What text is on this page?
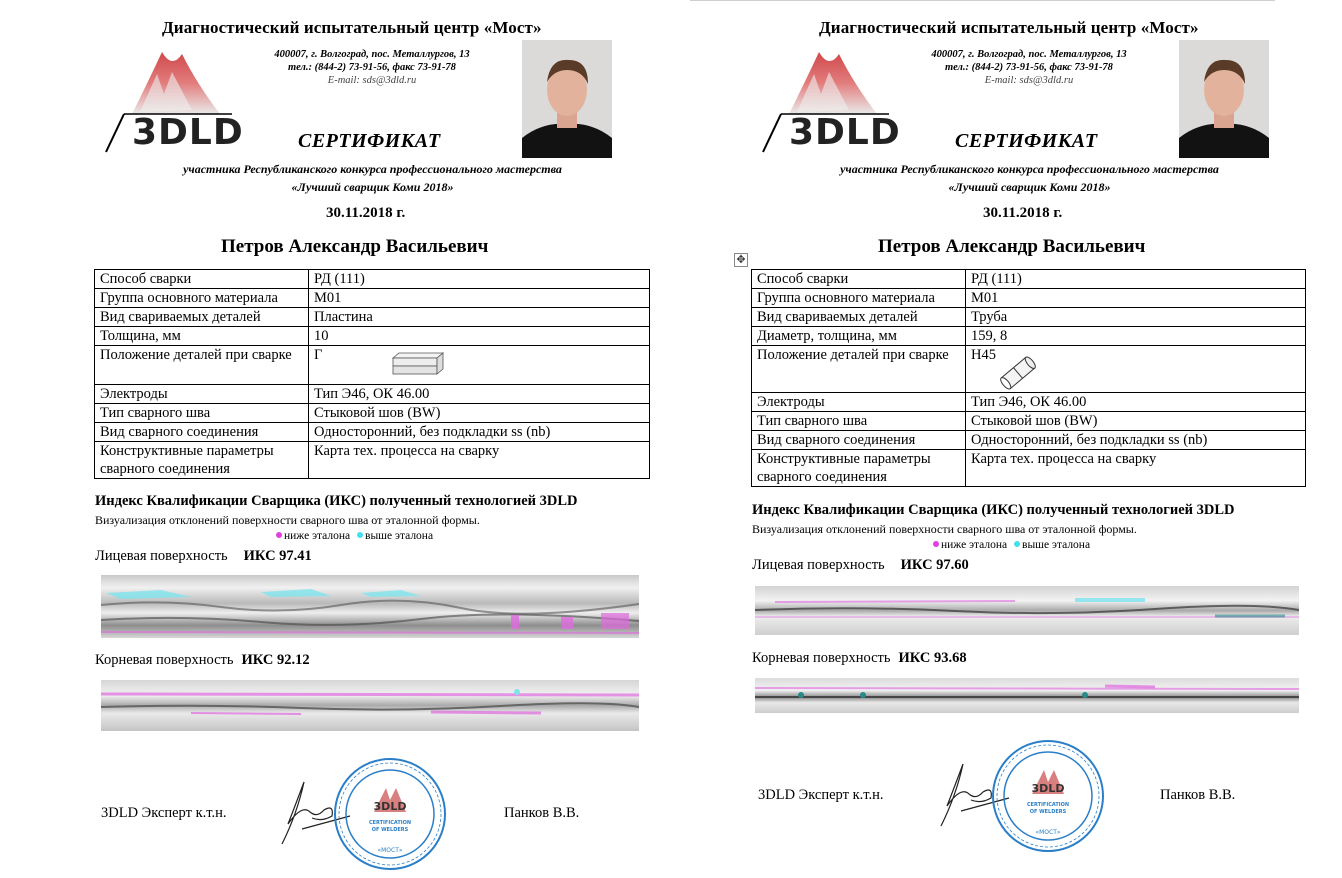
Диагностический испытательный центр «Мост»
3DLD
400007, г. Волгоград, пос. Металлургов, 13
тел.: (844-2) 73-91-56, факс 73-91-78
E-mail: sds@3dld.ru
СЕРТИФИКАТ
участника Республиканского конкурса профессионального мастерства
«Лучший сварщик Коми 2018»
30.11.2018 г.
Петров Александр Васильевич
Способ сварки	РД (111)
Группа основного материала	М01
Вид свариваемых деталей	Пластина
Толщина, мм	10
Положение деталей при сварке	Г

Электроды	Тип Э46, ОК 46.00
Тип сварного шва	Стыковой шов (BW)
Вид сварного соединения	Односторонний, без подкладки ss (nb)
Конструктивные параметры сварного соединения	Карта тех. процесса на сварку
Индекс Квалификации Сварщика (ИКС) полученный технологией 3DLD
Визуализация отклонений поверхности сварного шва от эталонной формы.
ниже эталона выше эталона
Лицевая поверхность ИКС 97.41
Корневая поверхность ИКС 92.12
3DLD Эксперт к.т.н.	3DLD
CERTIFICATION
OF WELDERS
«МОСТ»
Панков В.В.
Диагностический испытательный центр «Мост»
3DLD
400007, г. Волгоград, пос. Металлургов, 13
тел.: (844-2) 73-91-56, факс 73-91-78
E-mail: sds@3dld.ru
СЕРТИФИКАТ
участника Республиканского конкурса профессионального мастерства
«Лучший сварщик Коми 2018»
30.11.2018 г.
Петров Александр Васильевич
✥
Способ сварки	РД (111)
Группа основного материала	М01
Вид свариваемых деталей	Труба
Диаметр, толщина, мм	159, 8
Положение деталей при сварке	Н45

Электроды	Тип Э46, ОК 46.00
Тип сварного шва	Стыковой шов (BW)
Вид сварного соединения	Односторонний, без подкладки ss (nb)
Конструктивные параметры сварного соединения	Карта тех. процесса на сварку
Индекс Квалификации Сварщика (ИКС) полученный технологией 3DLD
Визуализация отклонений поверхности сварного шва от эталонной формы.
ниже эталона выше эталона
Лицевая поверхность ИКС 97.60
Корневая поверхность ИКС 93.68
3DLD Эксперт к.т.н.	3DLD
CERTIFICATION
OF WELDERS
«МОСТ»
Панков В.В.
